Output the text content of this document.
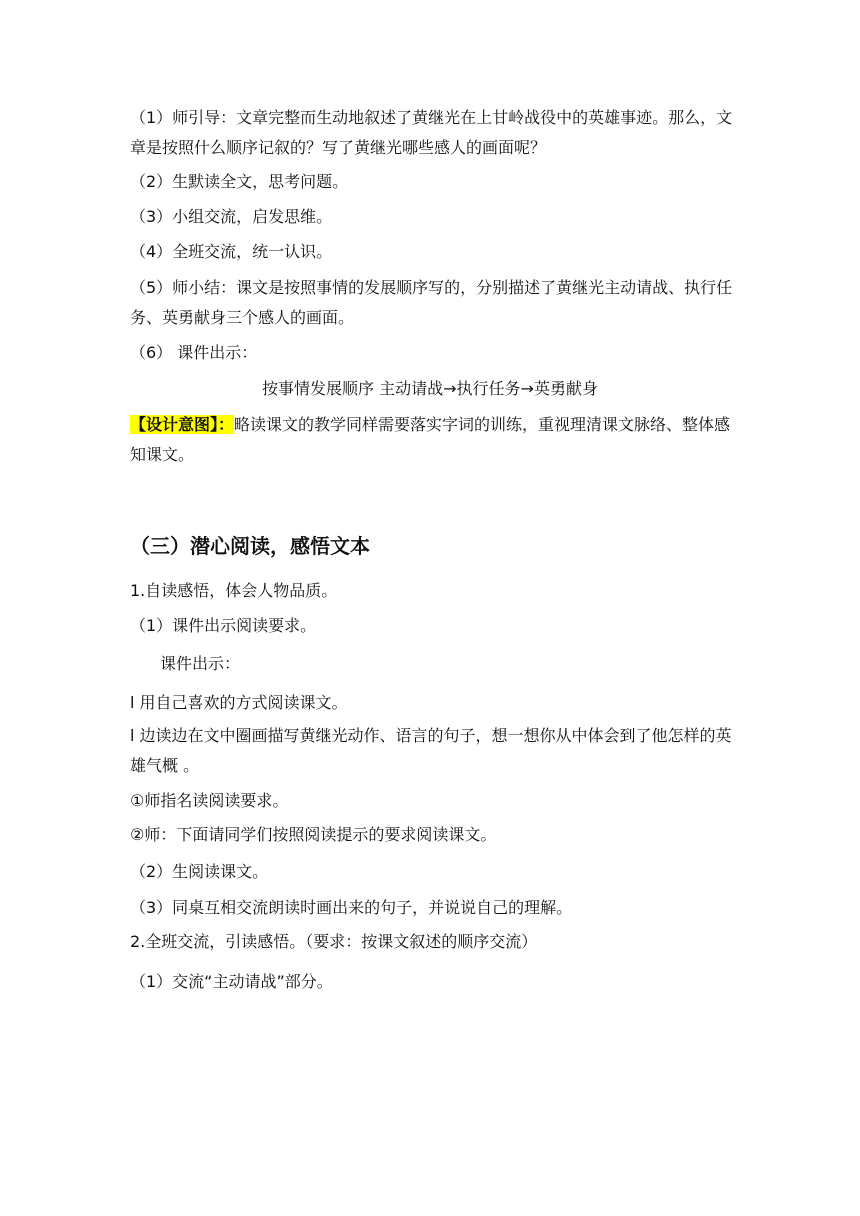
（1）师引导：文章完整而生动地叙述了黄继光在上甘岭战役中的英雄事迹。那么，文章是按照什么顺序记叙的？写了黄继光哪些感人的画面呢？
（2）生默读全文，思考问题。
（3）小组交流，启发思维。
（4）全班交流，统一认识。
（5）师小结：课文是按照事情的发展顺序写的，分别描述了黄继光主动请战、执行任务、英勇献身三个感人的画面。
（6） 课件出示：
按事情发展顺序 主动请战→执行任务→英勇献身
【设计意图】：略读课文的教学同样需要落实字词的训练，重视理清课文脉络、整体感知课文。
（三）潜心阅读，感悟文本
1.自读感悟，体会人物品质。
（1）课件出示阅读要求。
课件出示：
l 用自己喜欢的方式阅读课文。
l 边读边在文中圈画描写黄继光动作、语言的句子，想一想你从中体会到了他怎样的英雄气概 。
①师指名读阅读要求。
②师：下面请同学们按照阅读提示的要求阅读课文。
（2）生阅读课文。
（3）同桌互相交流朗读时画出来的句子，并说说自己的理解。
2.全班交流，引读感悟。（要求：按课文叙述的顺序交流）
（1）交流“主动请战”部分。
